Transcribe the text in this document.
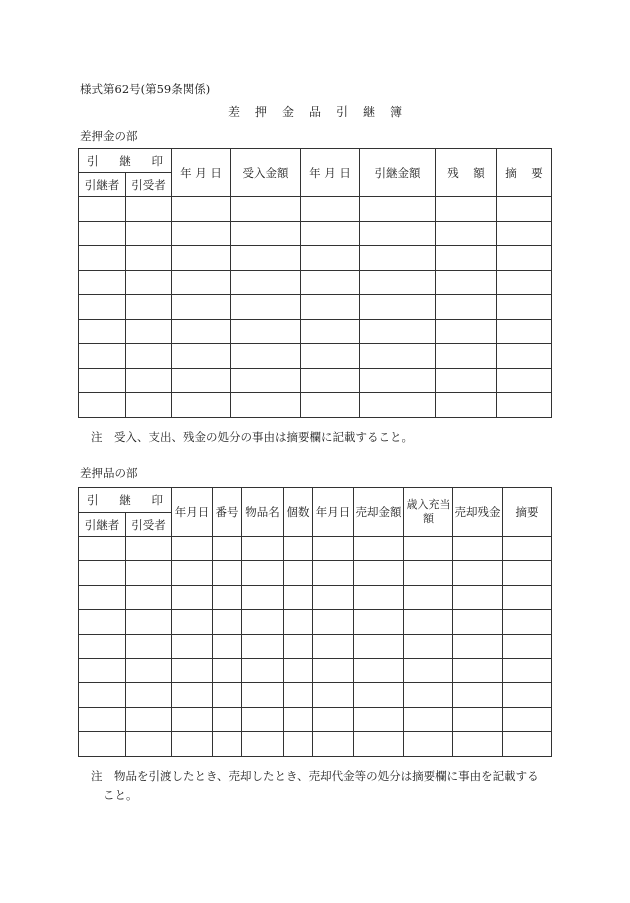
様式第62号(第59条関係)
差押金品引継簿
差押金の部
引 継 印		年 月 日	受入金額	年 月 日	引継金額	残    額	摘    要
引継者	引受者						

注　受入、支出、残金の処分の事由は摘要欄に記載すること。
差押品の部
引 継 印		年月日	番号	物品名	個数	年月日	売却金額	歳入充当額	売却残金	摘要
引継者	引受者									

注　物品を引渡したとき、売却したとき、売却代金等の処分は摘要欄に事由を記載する
こと。
